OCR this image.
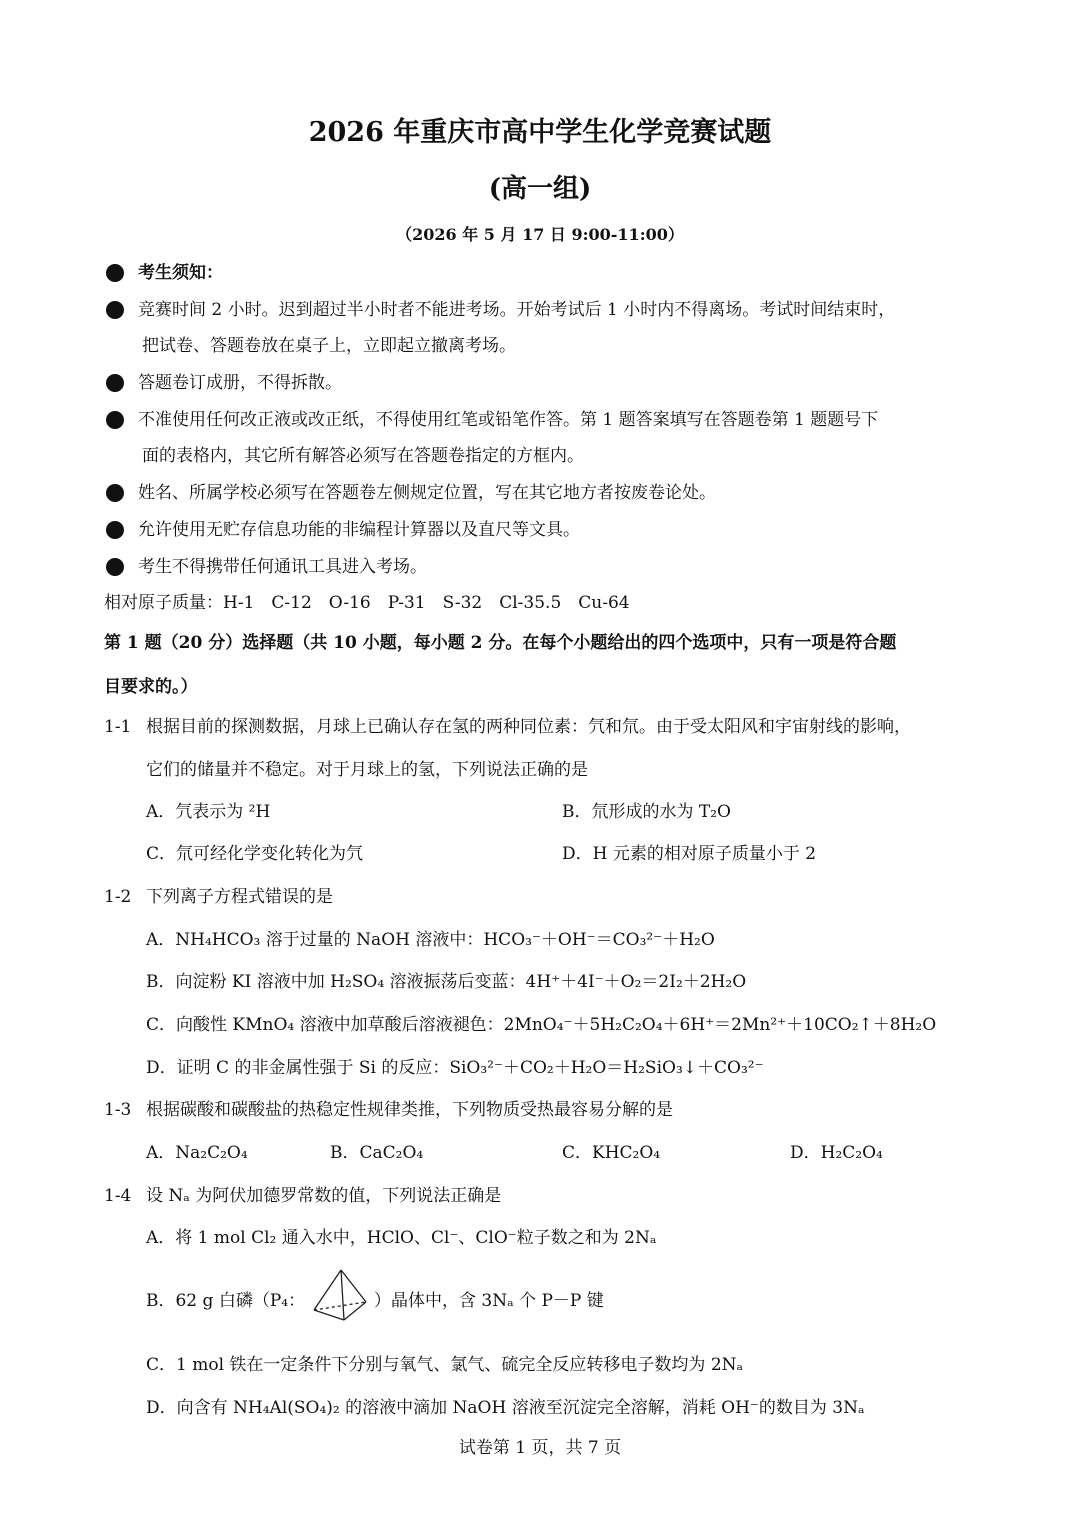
2026 年重庆市高中学生化学竞赛试题
(高一组)
（2026 年 5 月 17 日 9:00-11:00）
考生须知：
竞赛时间 2 小时。迟到超过半小时者不能进考场。开始考试后 1 小时内不得离场。考试时间结束时，
把试卷、答题卷放在桌子上，立即起立撤离考场。
答题卷订成册，不得拆散。
不准使用任何改正液或改正纸，不得使用红笔或铅笔作答。第 1 题答案填写在答题卷第 1 题题号下
面的表格内，其它所有解答必须写在答题卷指定的方框内。
姓名、所属学校必须写在答题卷左侧规定位置，写在其它地方者按废卷论处。
允许使用无贮存信息功能的非编程计算器以及直尺等文具。
考生不得携带任何通讯工具进入考场。
相对原子质量：H-1　C-12　O-16　P-31　S-32　Cl-35.5　Cu-64
第 1 题（20 分）选择题（共 10 小题，每小题 2 分。在每个小题给出的四个选项中，只有一项是符合题
目要求的。）
1-1 根据目前的探测数据，月球上已确认存在氢的两种同位素：氕和氘。由于受太阳风和宇宙射线的影响，
它们的储量并不稳定。对于月球上的氢，下列说法正确的是
A．氕表示为 ²H	B．氘形成的水为 T₂O
C．氘可经化学变化转化为氕	D．H 元素的相对原子质量小于 2
1-2 下列离子方程式错误的是
A．NH₄HCO₃ 溶于过量的 NaOH 溶液中：HCO₃⁻＋OH⁻＝CO₃²⁻＋H₂O
B．向淀粉 KI 溶液中加 H₂SO₄ 溶液振荡后变蓝：4H⁺＋4I⁻＋O₂＝2I₂＋2H₂O
C．向酸性 KMnO₄ 溶液中加草酸后溶液褪色：2MnO₄⁻＋5H₂C₂O₄＋6H⁺＝2Mn²⁺＋10CO₂↑＋8H₂O
D．证明 C 的非金属性强于 Si 的反应：SiO₃²⁻＋CO₂＋H₂O＝H₂SiO₃↓＋CO₃²⁻
1-3 根据碳酸和碳酸盐的热稳定性规律类推，下列物质受热最容易分解的是
A．Na₂C₂O₄	B．CaC₂O₄	C．KHC₂O₄	D．H₂C₂O₄
1-4 设 Nₐ 为阿伏加德罗常数的值，下列说法正确是
A．将 1 mol Cl₂ 通入水中，HClO、Cl⁻、ClO⁻粒子数之和为 2Nₐ
B．62 g 白磷（P₄：	）晶体中，含 3Nₐ 个 P－P 键
C．1 mol 铁在一定条件下分别与氧气、氯气、硫完全反应转移电子数均为 2Nₐ
D．向含有 NH₄Al(SO₄)₂ 的溶液中滴加 NaOH 溶液至沉淀完全溶解，消耗 OH⁻的数目为 3Nₐ
试卷第 1 页，共 7 页
